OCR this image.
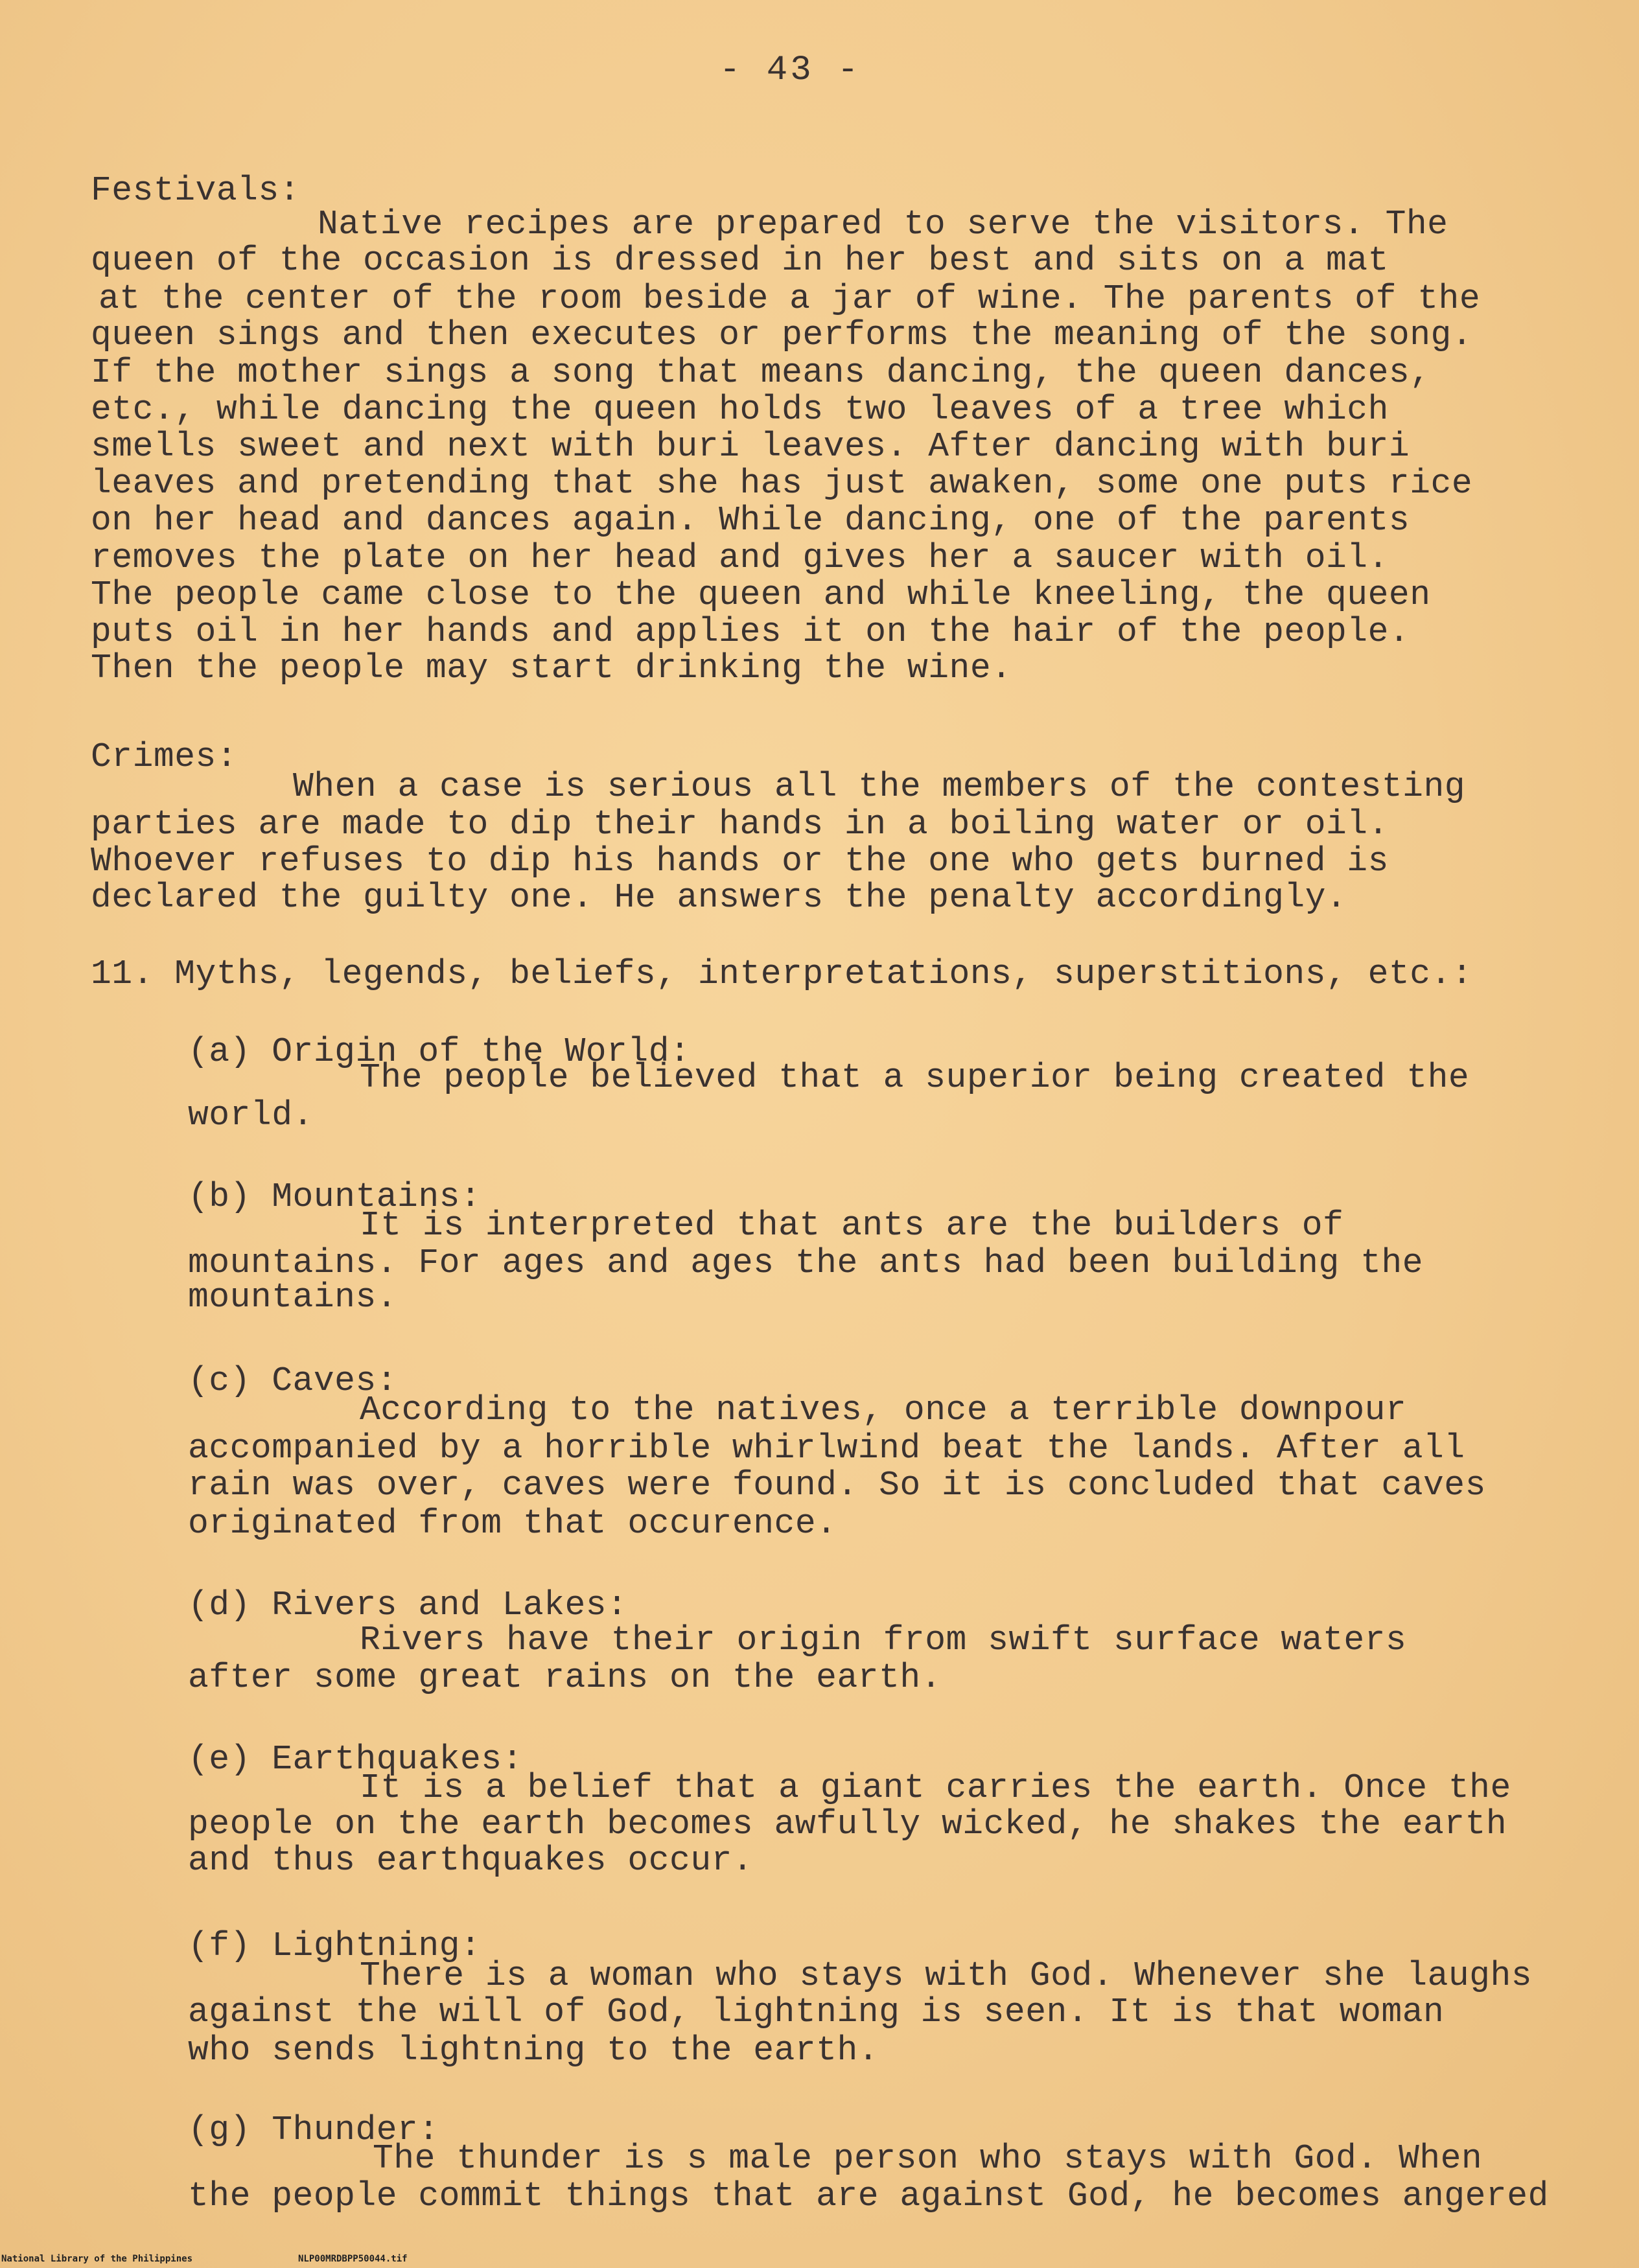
- 43 -
Festivals:
Native recipes are prepared to serve the visitors. The
queen of the occasion is dressed in her best and sits on a mat
at the center of the room beside a jar of wine. The parents of the
queen sings and then executes or performs the meaning of the song.
If the mother sings a song that means dancing, the queen dances,
etc., while dancing the queen holds two leaves of a tree which
smells sweet and next with buri leaves. After dancing with buri
leaves and pretending that she has just awaken, some one puts rice
on her head and dances again. While dancing, one of the parents
removes the plate on her head and gives her a saucer with oil.
The people came close to the queen and while kneeling, the queen
puts oil in her hands and applies it on the hair of the people.
Then the people may start drinking the wine.
Crimes:
When a case is serious all the members of the contesting
parties are made to dip their hands in a boiling water or oil.
Whoever refuses to dip his hands or the one who gets burned is
declared the guilty one. He answers the penalty accordingly.
11. Myths, legends, beliefs, interpretations, superstitions, etc.:
(a) Origin of the World:
The people believed that a superior being created the
world.
(b) Mountains:
It is interpreted that ants are the builders of
mountains. For ages and ages the ants had been building the
mountains.
(c) Caves:
According to the natives, once a terrible downpour
accompanied by a horrible whirlwind beat the lands. After all
rain was over, caves were found. So it is concluded that caves
originated from that occurence.
(d) Rivers and Lakes:
Rivers have their origin from swift surface waters
after some great rains on the earth.
(e) Earthquakes:
It is a belief that a giant carries the earth. Once the
people on the earth becomes awfully wicked, he shakes the earth
and thus earthquakes occur.
(f) Lightning:
There is a woman who stays with God. Whenever she laughs
against the will of God, lightning is seen. It is that woman
who sends lightning to the earth.
(g) Thunder:
The thunder is s male person who stays with God. When
the people commit things that are against God, he becomes angered
National Library of the Philippines	NLP00MRDBPP50044.tif
